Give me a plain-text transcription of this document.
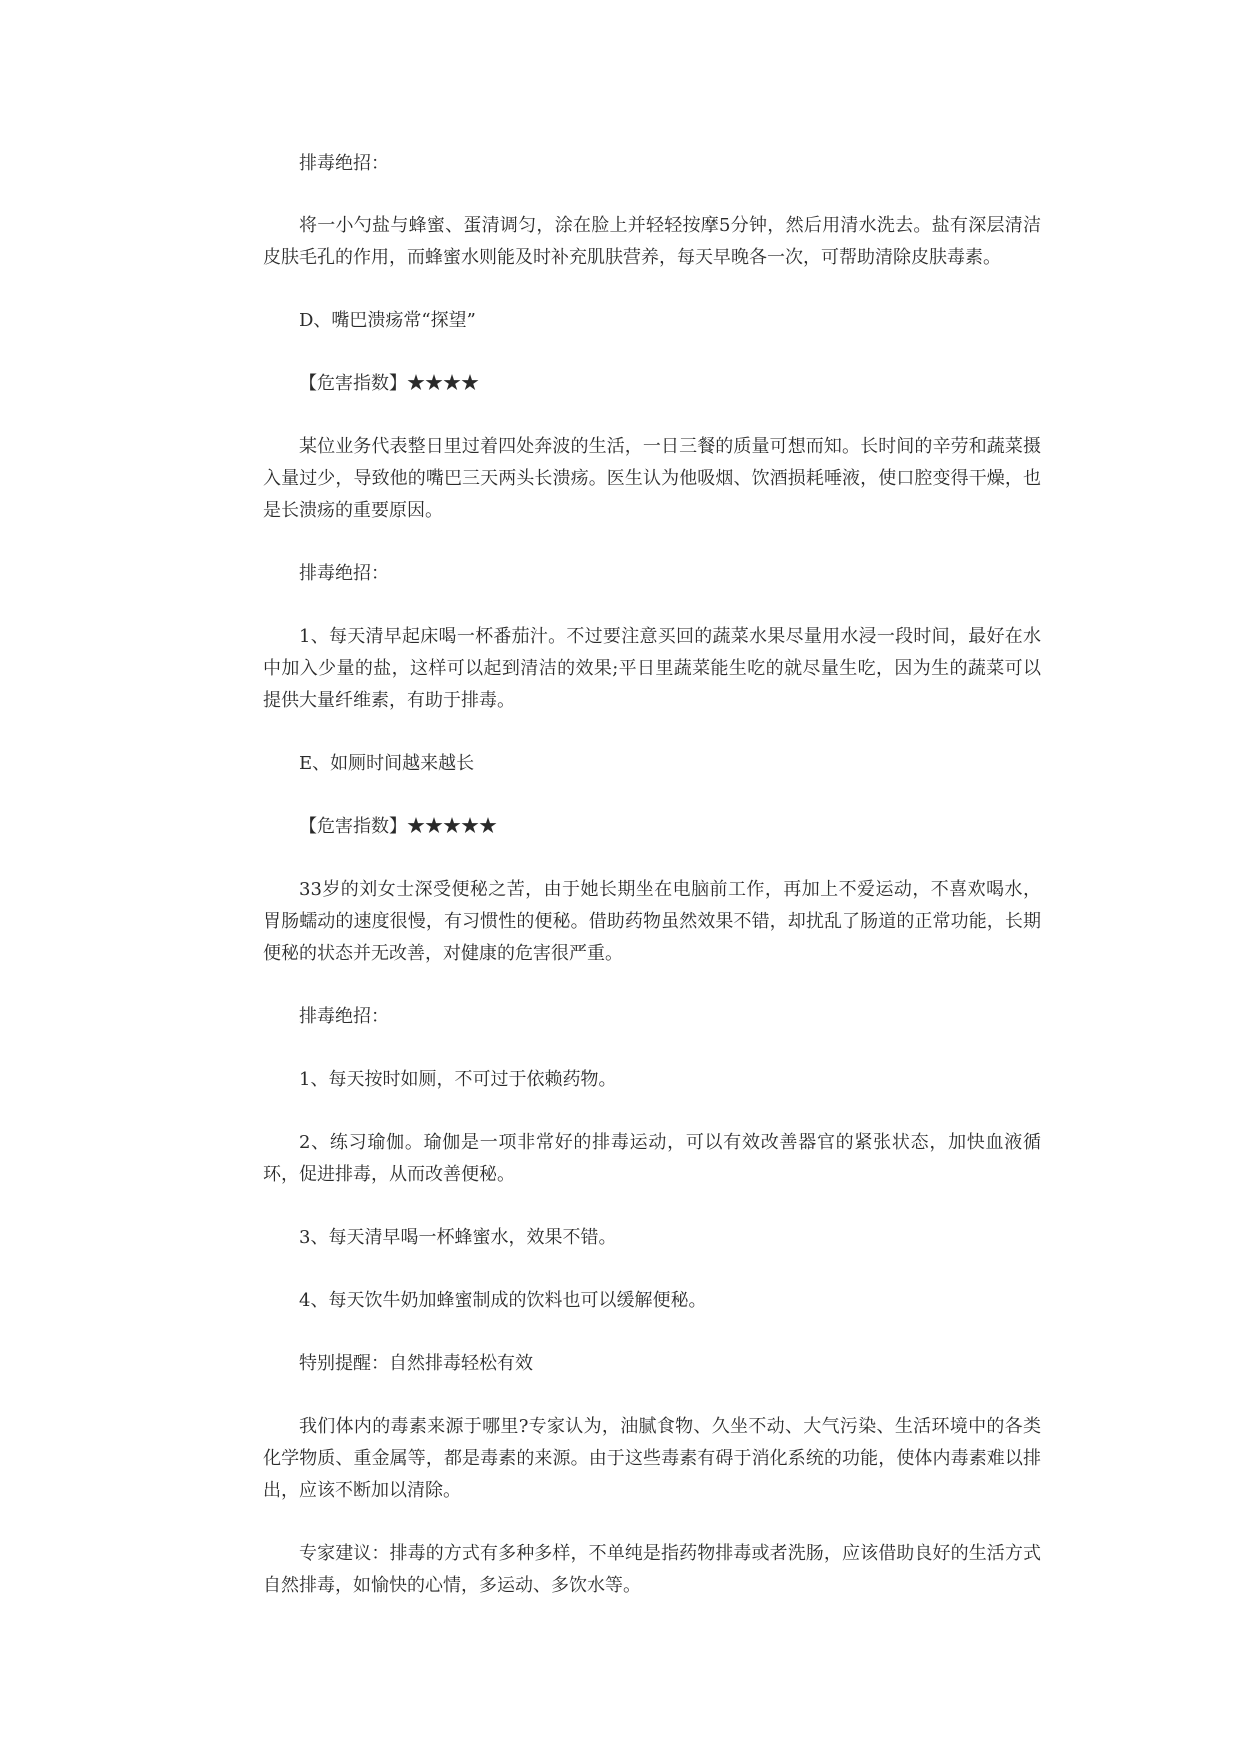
排毒绝招：

将一小勺盐与蜂蜜、蛋清调匀，涂在脸上并轻轻按摩5分钟，然后用清水洗去。盐有深层清洁皮肤毛孔的作用，而蜂蜜水则能及时补充肌肤营养，每天早晚各一次，可帮助清除皮肤毒素。

D、嘴巴溃疡常“探望”

【危害指数】★★★★

某位业务代表整日里过着四处奔波的生活，一日三餐的质量可想而知。长时间的辛劳和蔬菜摄入量过少，导致他的嘴巴三天两头长溃疡。医生认为他吸烟、饮酒损耗唾液，使口腔变得干燥，也是长溃疡的重要原因。

排毒绝招：

1、每天清早起床喝一杯番茄汁。不过要注意买回的蔬菜水果尽量用水浸一段时间，最好在水中加入少量的盐，这样可以起到清洁的效果;平日里蔬菜能生吃的就尽量生吃，因为生的蔬菜可以提供大量纤维素，有助于排毒。

E、如厕时间越来越长

【危害指数】★★★★★

33岁的刘女士深受便秘之苦，由于她长期坐在电脑前工作，再加上不爱运动，不喜欢喝水，胃肠蠕动的速度很慢，有习惯性的便秘。借助药物虽然效果不错，却扰乱了肠道的正常功能，长期便秘的状态并无改善，对健康的危害很严重。

排毒绝招：

1、每天按时如厕，不可过于依赖药物。

2、练习瑜伽。瑜伽是一项非常好的排毒运动，可以有效改善器官的紧张状态，加快血液循环，促进排毒，从而改善便秘。

3、每天清早喝一杯蜂蜜水，效果不错。

4、每天饮牛奶加蜂蜜制成的饮料也可以缓解便秘。

特别提醒：自然排毒轻松有效

我们体内的毒素来源于哪里?专家认为，油腻食物、久坐不动、大气污染、生活环境中的各类化学物质、重金属等，都是毒素的来源。由于这些毒素有碍于消化系统的功能，使体内毒素难以排出，应该不断加以清除。

专家建议：排毒的方式有多种多样，不单纯是指药物排毒或者洗肠，应该借助良好的生活方式自然排毒，如愉快的心情，多运动、多饮水等。
